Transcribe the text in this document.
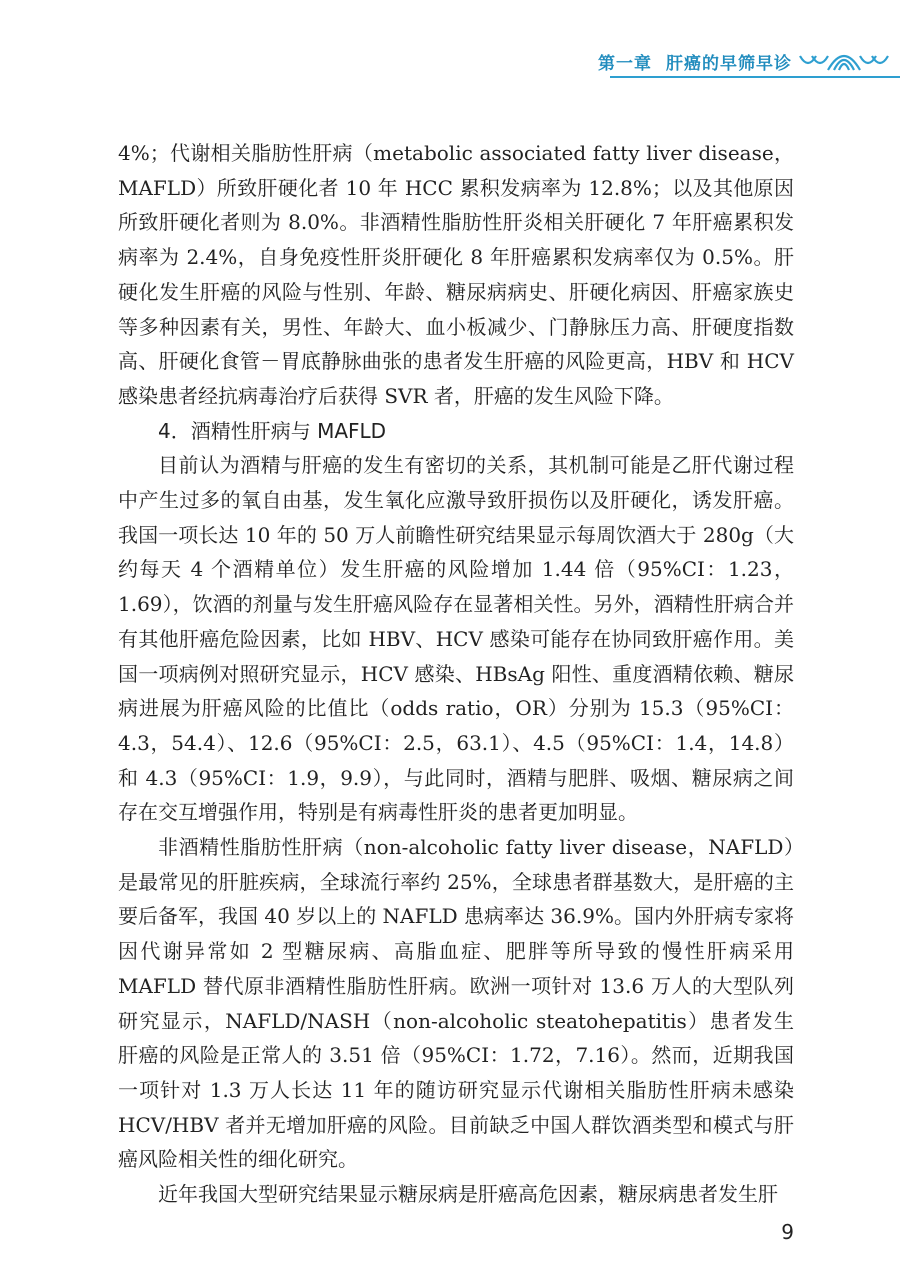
第一章 肝癌的早筛早诊

4%；代谢相关脂肪性肝病（metabolic associated fatty liver disease，MAFLD）所致肝硬化者 10 年 HCC 累积发病率为 12.8%；以及其他原因所致肝硬化者则为 8.0%。非酒精性脂肪性肝炎相关肝硬化 7 年肝癌累积发病率为 2.4%，自身免疫性肝炎肝硬化 8 年肝癌累积发病率仅为 0.5%。肝硬化发生肝癌的风险与性别、年龄、糖尿病病史、肝硬化病因、肝癌家族史等多种因素有关，男性、年龄大、血小板减少、门静脉压力高、肝硬度指数高、肝硬化食管－胃底静脉曲张的患者发生肝癌的风险更高，HBV 和 HCV 感染患者经抗病毒治疗后获得 SVR 者，肝癌的发生风险下降。

4．酒精性肝病与 MAFLD

目前认为酒精与肝癌的发生有密切的关系，其机制可能是乙肝代谢过程中产生过多的氧自由基，发生氧化应激导致肝损伤以及肝硬化，诱发肝癌。我国一项长达 10 年的 50 万人前瞻性研究结果显示每周饮酒大于 280g（大约每天 4 个酒精单位）发生肝癌的风险增加 1.44 倍（95%CI：1.23，1.69），饮酒的剂量与发生肝癌风险存在显著相关性。另外，酒精性肝病合并有其他肝癌危险因素，比如 HBV、HCV 感染可能存在协同致肝癌作用。美国一项病例对照研究显示，HCV 感染、HBsAg 阳性、重度酒精依赖、糖尿病进展为肝癌风险的比值比（odds ratio，OR）分别为 15.3（95%CI：4.3，54.4）、12.6（95%CI：2.5，63.1）、4.5（95%CI：1.4，14.8） 和 4.3（95%CI：1.9，9.9），与此同时，酒精与肥胖、吸烟、糖尿病之间存在交互增强作用，特别是有病毒性肝炎的患者更加明显。

非酒精性脂肪性肝病（non-alcoholic fatty liver disease，NAFLD）是最常见的肝脏疾病，全球流行率约 25%，全球患者群基数大，是肝癌的主要后备军，我国 40 岁以上的 NAFLD 患病率达 36.9%。国内外肝病专家将因代谢异常如 2 型糖尿病、高脂血症、肥胖等所导致的慢性肝病采用 MAFLD 替代原非酒精性脂肪性肝病。欧洲一项针对 13.6 万人的大型队列研究显示，NAFLD/NASH（non-alcoholic steatohepatitis）患者发生肝癌的风险是正常人的 3.51 倍（95%CI：1.72，7.16）。然而，近期我国一项针对 1.3 万人长达 11 年的随访研究显示代谢相关脂肪性肝病未感染 HCV/HBV 者并无增加肝癌的风险。目前缺乏中国人群饮酒类型和模式与肝癌风险相关性的细化研究。

近年我国大型研究结果显示糖尿病是肝癌高危因素，糖尿病患者发生肝

9
